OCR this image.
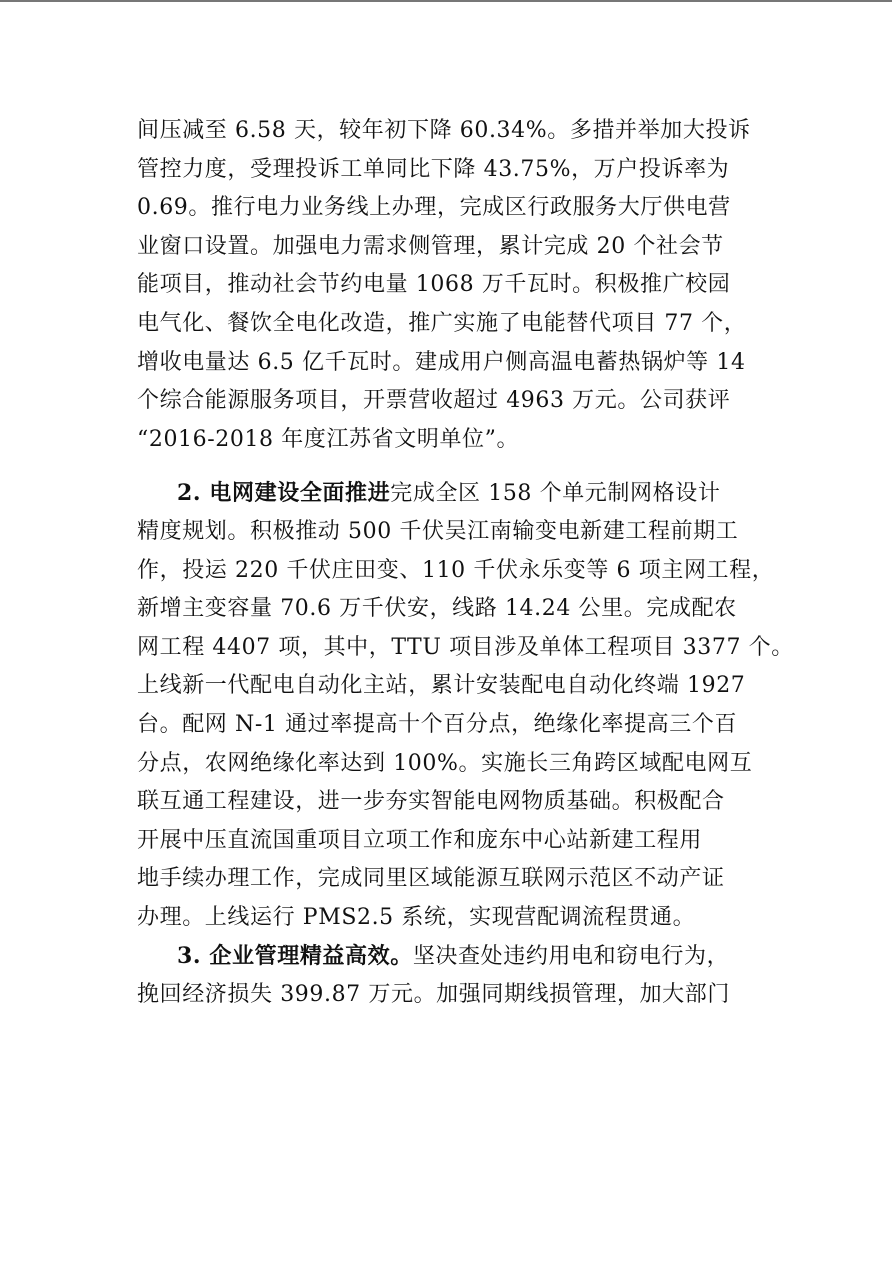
间压减至 6.58 天，较年初下降 60.34%。多措并举加大投诉
管控力度，受理投诉工单同比下降 43.75%，万户投诉率为
0.69。推行电力业务线上办理，完成区行政服务大厅供电营
业窗口设置。加强电力需求侧管理，累计完成 20 个社会节
能项目，推动社会节约电量 1068 万千瓦时。积极推广校园
电气化、餐饮全电化改造，推广实施了电能替代项目 77 个，
增收电量达 6.5 亿千瓦时。建成用户侧高温电蓄热锅炉等 14
个综合能源服务项目，开票营收超过 4963 万元。公司获评
“2016-2018 年度江苏省文明单位”。
2. 电网建设全面推进完成全区 158 个单元制网格设计
精度规划。积极推动 500 千伏吴江南输变电新建工程前期工
作，投运 220 千伏庄田变、110 千伏永乐变等 6 项主网工程，
新增主变容量 70.6 万千伏安，线路 14.24 公里。完成配农
网工程 4407 项，其中，TTU 项目涉及单体工程项目 3377 个。
上线新一代配电自动化主站，累计安装配电自动化终端 1927
台。配网 N-1 通过率提高十个百分点，绝缘化率提高三个百
分点，农网绝缘化率达到 100%。实施长三角跨区域配电网互
联互通工程建设，进一步夯实智能电网物质基础。积极配合
开展中压直流国重项目立项工作和庞东中心站新建工程用
地手续办理工作，完成同里区域能源互联网示范区不动产证
办理。上线运行 PMS2.5 系统，实现营配调流程贯通。
3. 企业管理精益高效。坚决查处违约用电和窃电行为，
挽回经济损失 399.87 万元。加强同期线损管理，加大部门
